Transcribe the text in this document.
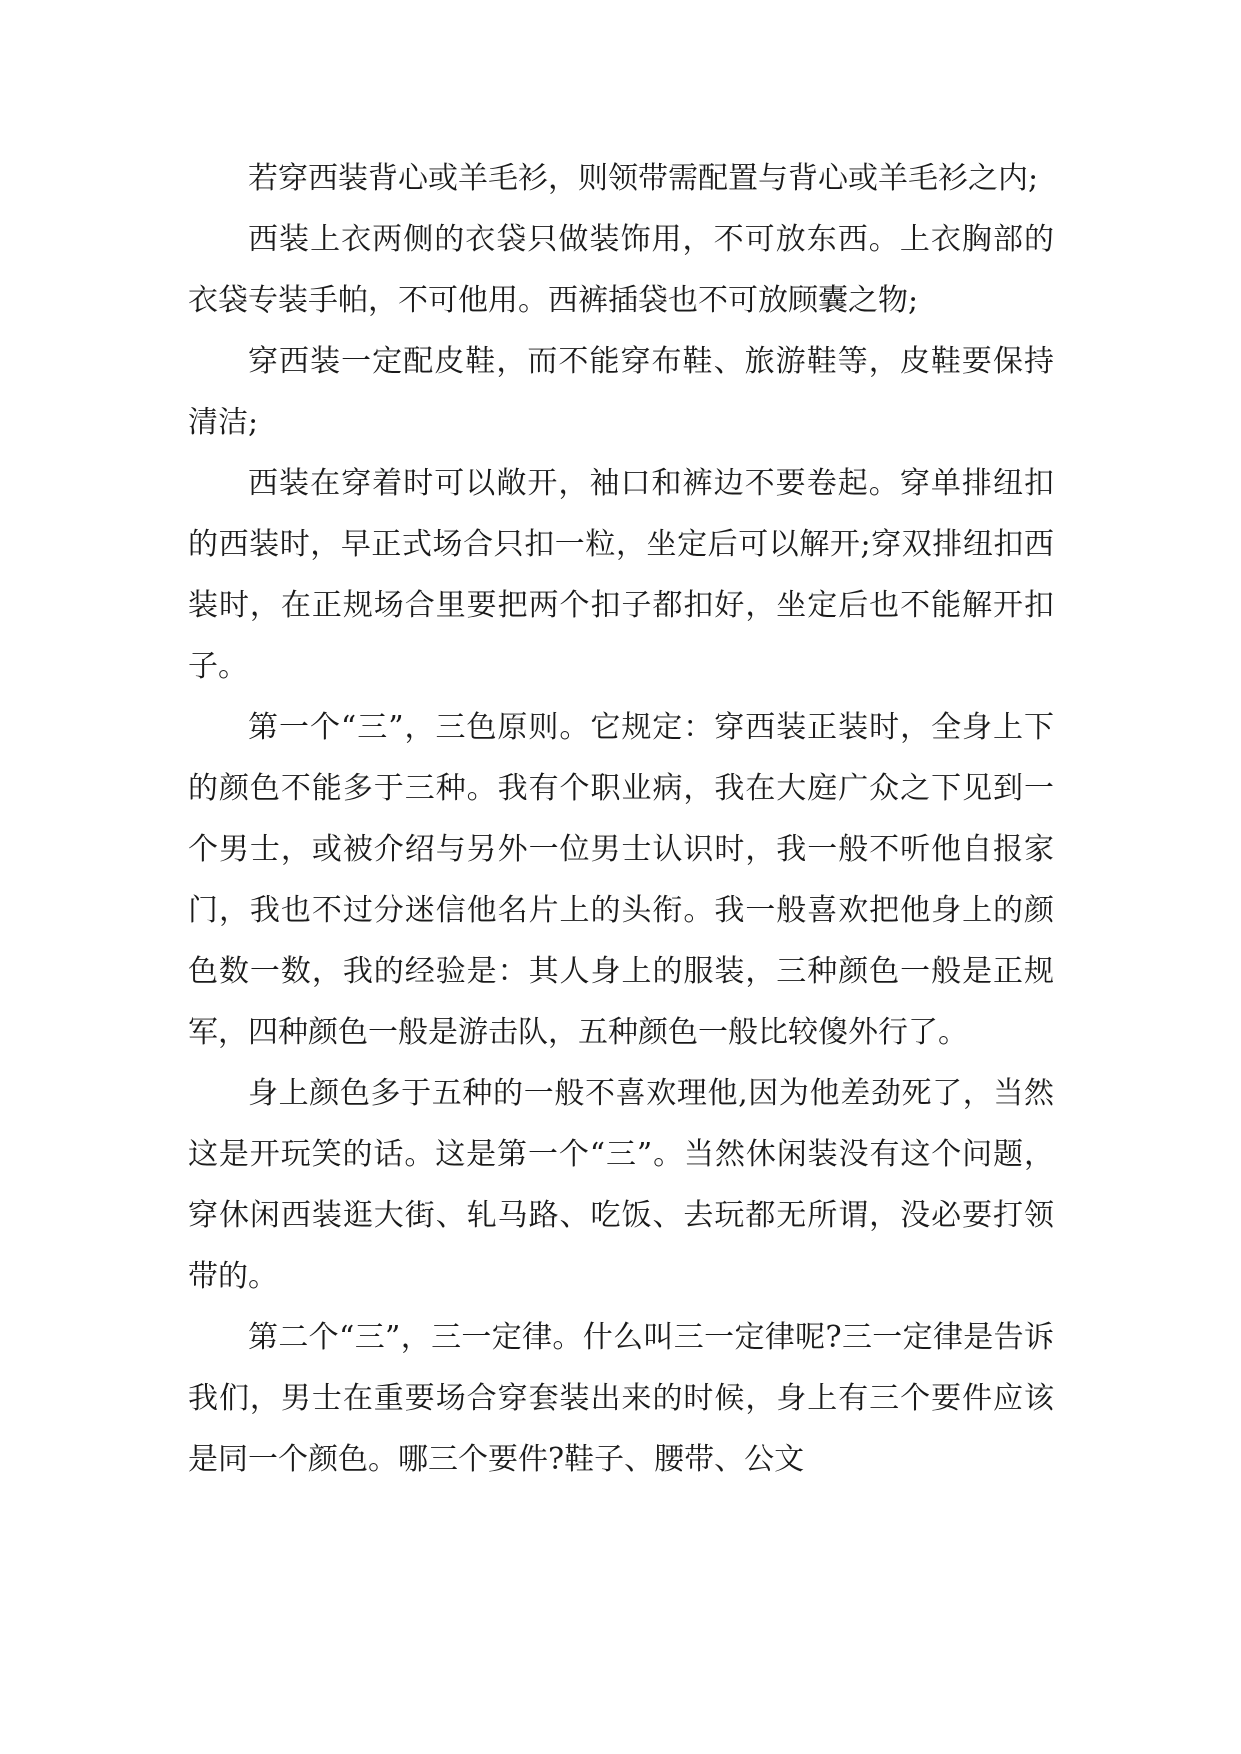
若穿西装背心或羊毛衫，则领带需配置与背心或羊毛衫之内;

西装上衣两侧的衣袋只做装饰用，不可放东西。上衣胸部的衣袋专装手帕，不可他用。西裤插袋也不可放顾囊之物;

穿西装一定配皮鞋，而不能穿布鞋、旅游鞋等，皮鞋要保持清洁;

西装在穿着时可以敞开，袖口和裤边不要卷起。穿单排纽扣的西装时，早正式场合只扣一粒，坐定后可以解开;穿双排纽扣西装时，在正规场合里要把两个扣子都扣好，坐定后也不能解开扣子。

第一个“三”，三色原则。它规定：穿西装正装时，全身上下的颜色不能多于三种。我有个职业病，我在大庭广众之下见到一个男士，或被介绍与另外一位男士认识时，我一般不听他自报家门，我也不过分迷信他名片上的头衔。我一般喜欢把他身上的颜色数一数，我的经验是：其人身上的服装，三种颜色一般是正规军，四种颜色一般是游击队，五种颜色一般比较傻外行了。

身上颜色多于五种的一般不喜欢理他,因为他差劲死了，当然这是开玩笑的话。这是第一个“三”。当然休闲装没有这个问题，穿休闲西装逛大街、轧马路、吃饭、去玩都无所谓，没必要打领带的。

第二个“三”，三一定律。什么叫三一定律呢?三一定律是告诉我们，男士在重要场合穿套装出来的时候，身上有三个要件应该是同一个颜色。哪三个要件?鞋子、腰带、公文
